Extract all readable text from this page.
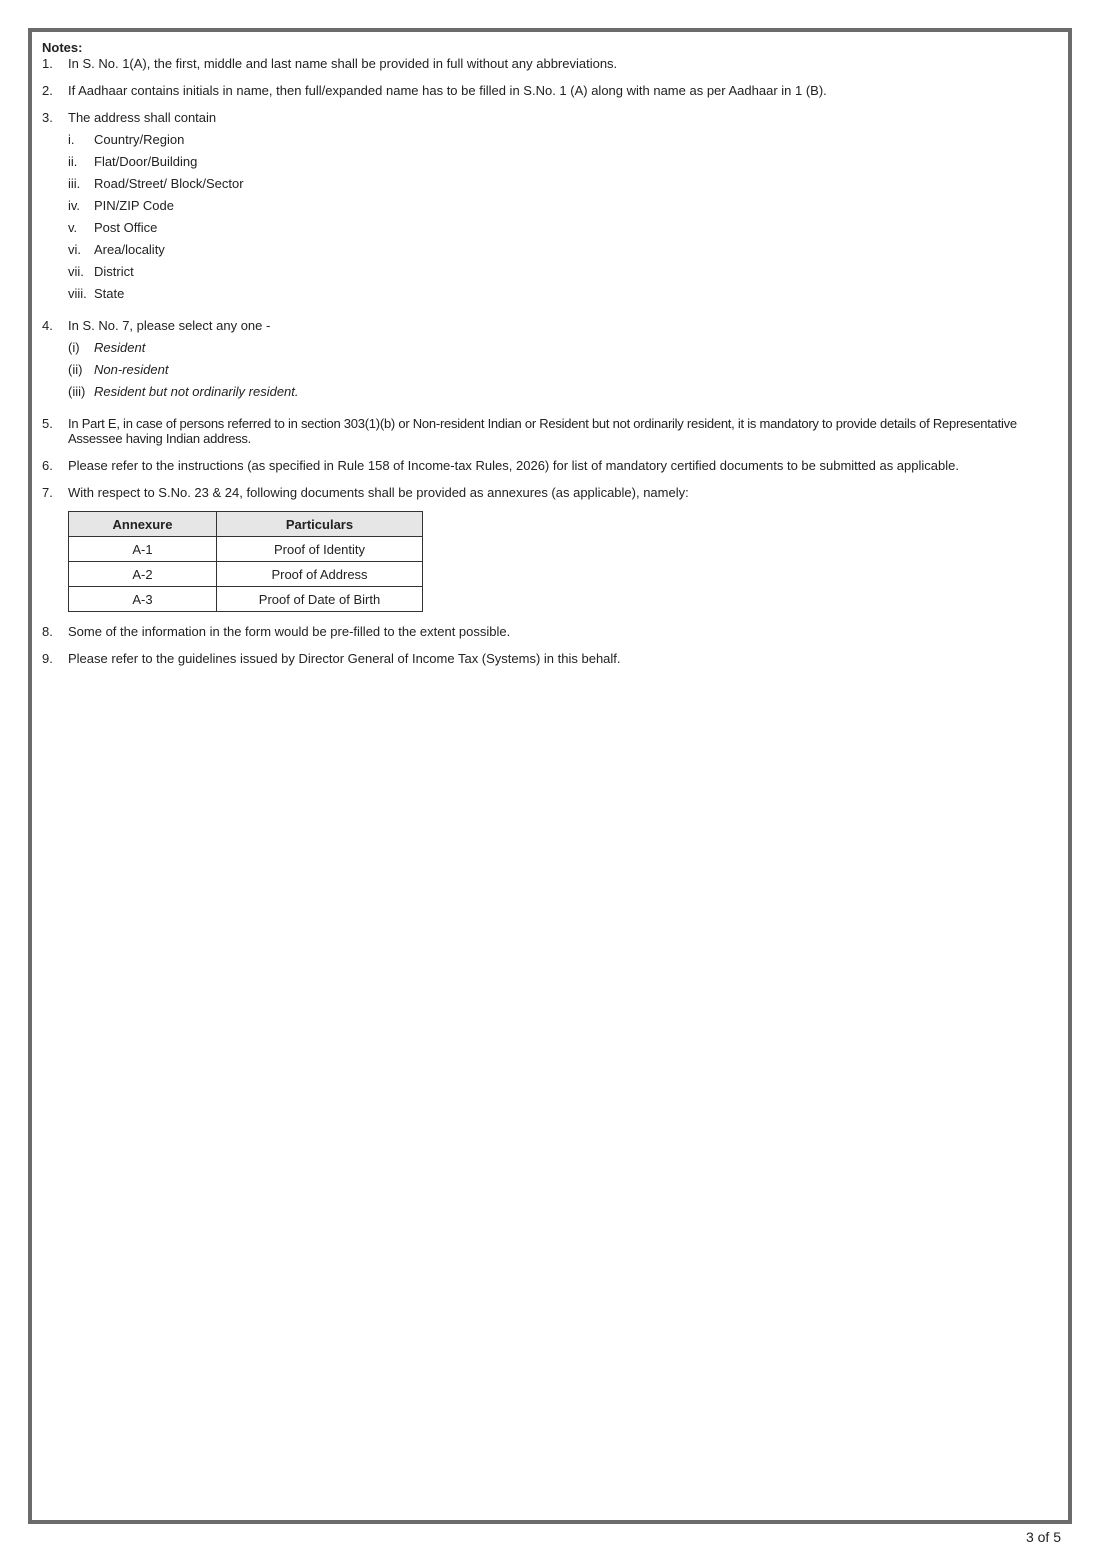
Notes:
1.	In S. No. 1(A), the first, middle and last name shall be provided in full without any abbreviations.
2.	If Aadhaar contains initials in name, then full/expanded name has to be filled in S.No. 1 (A) along with name as per Aadhaar in 1 (B).
3.	The address shall contain
i.	Country/Region
ii.	Flat/Door/Building
iii.	Road/Street/ Block/Sector
iv.	PIN/ZIP Code
v.	Post Office
vi.	Area/locality
vii. District
viii. State
4.	In S. No. 7, please select any one -
(i)	Resident
(ii) Non-resident
(iii) Resident but not ordinarily resident.
5.	In Part E, in case of persons referred to in section 303(1)(b) or Non-resident Indian or Resident but not ordinarily resident, it is mandatory to provide details of Representative Assessee having Indian address.
6.	Please refer to the instructions (as specified in Rule 158 of Income-tax Rules, 2026) for list of mandatory certified documents to be submitted as applicable.
7.	With respect to S.No. 23 & 24, following documents shall be provided as annexures (as applicable), namely:
Annexure	Particulars
A-1	Proof of Identity
A-2	Proof of Address
A-3	Proof of Date of Birth
8.	Some of the information in the form would be pre-filled to the extent possible.
9.	Please refer to the guidelines issued by Director General of Income Tax (Systems) in this behalf.
3 of 5
